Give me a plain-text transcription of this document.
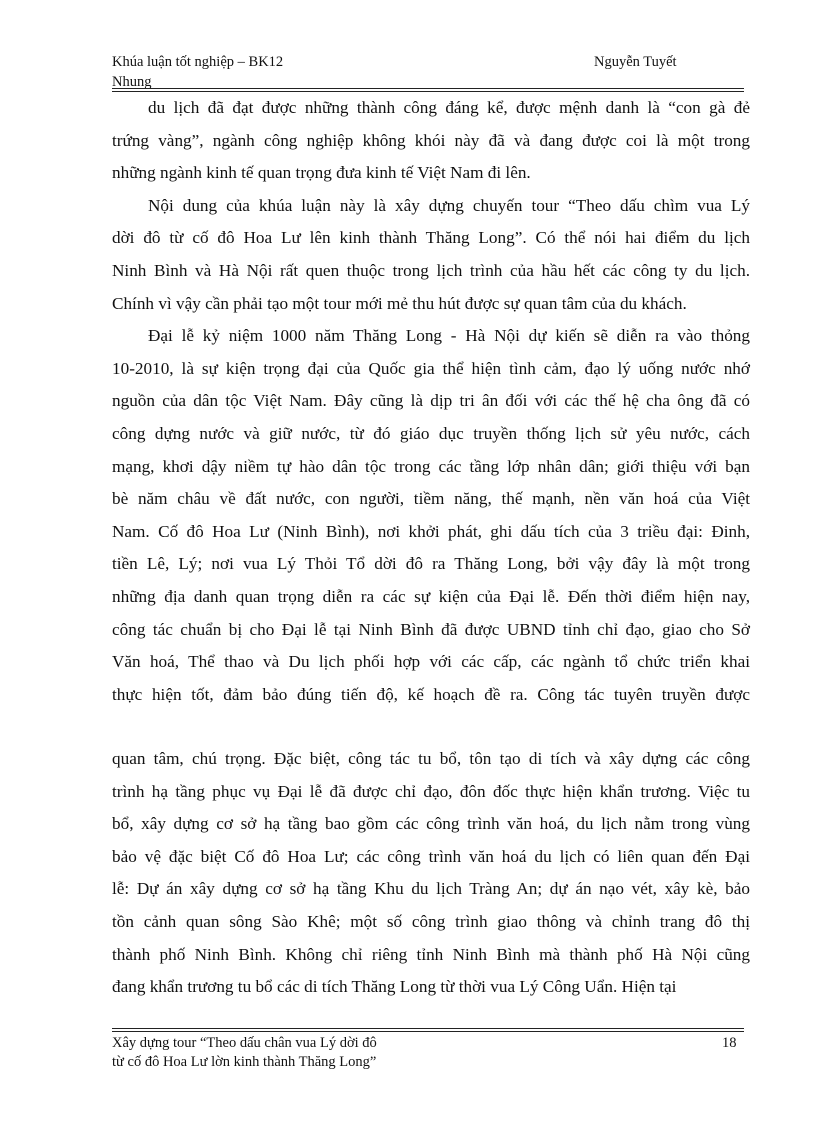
Khúa luận tốt nghiệp – BK12
Nhung
Nguyễn Tuyết
du lịch đã đạt được những thành công đáng kể, được mệnh danh là “con gà đẻ
trứng vàng”, ngành công nghiệp không khói này đã và đang được coi là một trong
những ngành kinh tế quan trọng đưa kinh tế Việt Nam đi lên.
Nội dung của khúa luận này là xây dựng chuyến tour “Theo dấu chìm vua Lý
dời đô từ cố đô Hoa Lư lên kinh thành Thăng Long”. Có thể nói hai điểm du lịch
Ninh Bình và Hà Nội rất quen thuộc trong lịch trình của hầu hết các công ty du lịch.
Chính vì vậy cần phải tạo một tour mới mẻ thu hút được sự quan tâm của du khách.
Đại lễ kỷ niệm 1000 năm Thăng Long - Hà Nội dự kiến sẽ diễn ra vào thỏng
10-2010, là sự kiện trọng đại của Quốc gia thể hiện tình cảm, đạo lý uống nước nhớ
nguồn của dân tộc Việt Nam. Đây cũng là dịp tri ân đối với các thế hệ cha ông đã có
công dựng nước và giữ nước, từ đó giáo dục truyền thống lịch sử yêu nước, cách
mạng, khơi dậy niềm tự hào dân tộc trong các tầng lớp nhân dân; giới thiệu với bạn
bè năm châu về đất nước, con người, tiềm năng, thế mạnh, nền văn hoá của Việt
Nam. Cố đô Hoa Lư (Ninh Bình), nơi khởi phát, ghi dấu tích của 3 triều đại: Đinh,
tiền Lê, Lý; nơi vua Lý Thỏi Tổ dời đô ra Thăng Long, bởi vậy đây là một trong
những địa danh quan trọng diễn ra các sự kiện của Đại lễ. Đến thời điểm hiện nay,
công tác chuẩn bị cho Đại lễ tại Ninh Bình đã được UBND tỉnh chỉ đạo, giao cho Sở
Văn hoá, Thể thao và Du lịch phối hợp với các cấp, các ngành tổ chức triển khai
thực hiện tốt, đảm bảo đúng tiến độ, kế hoạch đề ra. Công tác tuyên truyền được
quan tâm, chú trọng. Đặc biệt, công tác tu bổ, tôn tạo di tích và xây dựng các công
trình hạ tầng phục vụ Đại lễ đã được chỉ đạo, đôn đốc thực hiện khẩn trương. Việc tu
bổ, xây dựng cơ sở hạ tầng bao gồm các công trình văn hoá, du lịch nằm trong vùng
bảo vệ đặc biệt Cố đô Hoa Lư; các công trình văn hoá du lịch có liên quan đến Đại
lễ: Dự án xây dựng cơ sở hạ tầng Khu du lịch Tràng An; dự án nạo vét, xây kè, bảo
tồn cảnh quan sông Sào Khê; một số công trình giao thông và chỉnh trang đô thị
thành phố Ninh Bình. Không chỉ riêng tỉnh Ninh Bình mà thành phố Hà Nội cũng
đang khẩn trương tu bổ các di tích Thăng Long từ thời vua Lý Công Uẩn. Hiện tại
Xây dựng tour “Theo dấu chân vua Lý dời đô
từ cố đô Hoa Lư lờn kinh thành Thăng Long”
18
